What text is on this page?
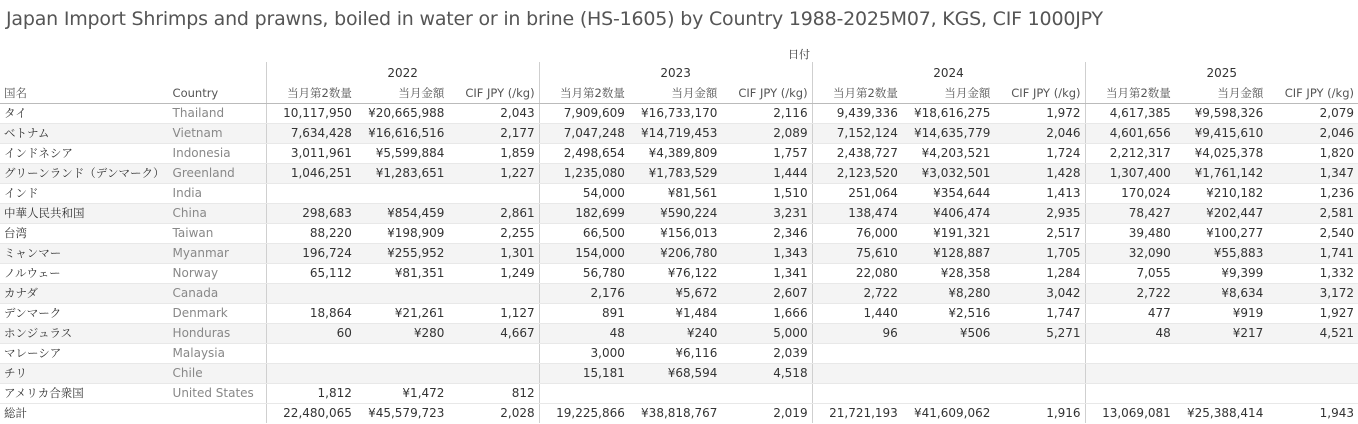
Japan Import Shrimps and prawns, boiled in water or in brine (HS-1605) by Country 1988-2025M07, KGS, CIF 1000JPY
日付
		2022			2023			2024			2025		
国名	Country	当月第2数量	当月金額	CIF JPY (/kg)	当月第2数量	当月金額	CIF JPY (/kg)	当月第2数量	当月金額	CIF JPY (/kg)	当月第2数量	当月金額	CIF JPY (/kg)
タイ	Thailand	10,117,950	¥20,665,988	2,043	7,909,609	¥16,733,170	2,116	9,439,336	¥18,616,275	1,972	4,617,385	¥9,598,326	2,079
ベトナム	Vietnam	7,634,428	¥16,616,516	2,177	7,047,248	¥14,719,453	2,089	7,152,124	¥14,635,779	2,046	4,601,656	¥9,415,610	2,046
インドネシア	Indonesia	3,011,961	¥5,599,884	1,859	2,498,654	¥4,389,809	1,757	2,438,727	¥4,203,521	1,724	2,212,317	¥4,025,378	1,820
グリーンランド（デンマーク）	Greenland	1,046,251	¥1,283,651	1,227	1,235,080	¥1,783,529	1,444	2,123,520	¥3,032,501	1,428	1,307,400	¥1,761,142	1,347
インド	India				54,000	¥81,561	1,510	251,064	¥354,644	1,413	170,024	¥210,182	1,236
中華人民共和国	China	298,683	¥854,459	2,861	182,699	¥590,224	3,231	138,474	¥406,474	2,935	78,427	¥202,447	2,581
台湾	Taiwan	88,220	¥198,909	2,255	66,500	¥156,013	2,346	76,000	¥191,321	2,517	39,480	¥100,277	2,540
ミャンマー	Myanmar	196,724	¥255,952	1,301	154,000	¥206,780	1,343	75,610	¥128,887	1,705	32,090	¥55,883	1,741
ノルウェー	Norway	65,112	¥81,351	1,249	56,780	¥76,122	1,341	22,080	¥28,358	1,284	7,055	¥9,399	1,332
カナダ	Canada				2,176	¥5,672	2,607	2,722	¥8,280	3,042	2,722	¥8,634	3,172
デンマーク	Denmark	18,864	¥21,261	1,127	891	¥1,484	1,666	1,440	¥2,516	1,747	477	¥919	1,927
ホンジュラス	Honduras	60	¥280	4,667	48	¥240	5,000	96	¥506	5,271	48	¥217	4,521
マレーシア	Malaysia				3,000	¥6,116	2,039						
チリ	Chile				15,181	¥68,594	4,518						
アメリカ合衆国	United States	1,812	¥1,472	812									
総計		22,480,065	¥45,579,723	2,028	19,225,866	¥38,818,767	2,019	21,721,193	¥41,609,062	1,916	13,069,081	¥25,388,414	1,943
